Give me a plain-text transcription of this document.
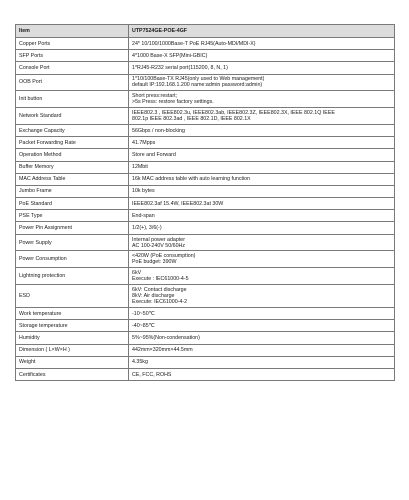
Item	UTP7524GE-POE-4GF
Copper Ports	24* 10/100/1000Base-T PoE RJ45(Auto-MDI/MDI-X)
SFP Ports	4*1000 Base-X SFP(Mini-GBIC)
Console Port	1*RJ45-R232 serial port(115200, 8, N, 1)
OOB Port	1*10/100Base-TX RJ45(only used to Web management)
default IP:192.168.1.200 name:admin password:admin)
Init button	Short press:restart;
>5s Press: restore factory settings.
Network Standard	IEEE802.3 , IEEE802.3u, IEEE802.3ab, IEEE802.3Z, IEEE802.3X, IEEE 802.1Q IEEE
802.1p IEEE 802.3ad , IEEE 802.1D, IEEE 802.1X
Exchange Capacity	56Gbps / non-blocking
Packet Forwarding Rate	41.7Mpps
Operation Method	Store and Forward
Buffer Memory	12Mbit
MAC Address Table	16k MAC address table with auto learning function
Jumbo Frame	10k bytes
PoE Standard	IEEE802.3af 15.4W, IEEE802.3at 30W
PSE Type	End-span
Power Pin Assignment	1/2(+), 3/6(-)
Power Supply	Internal power adapter
AC 100-240V 50/60Hz
Power Consumption	<420W (PoE consumption)
PoE budget: 390W
Lightning protection	6kV
Execute : IEC61000-4-5
ESD	6kV: Contact discharge
8kV: Air discharge
Execute: IEC61000-4-2
Work temperature	-10~50℃
Storage temperature	-40~85℃
Humidity	5%~95%(Non-condensation)
Dimension ( L×W×H )	442mm×320mm×44.5mm
Weight	4.35kg
Certificates	CE, FCC, ROHS
